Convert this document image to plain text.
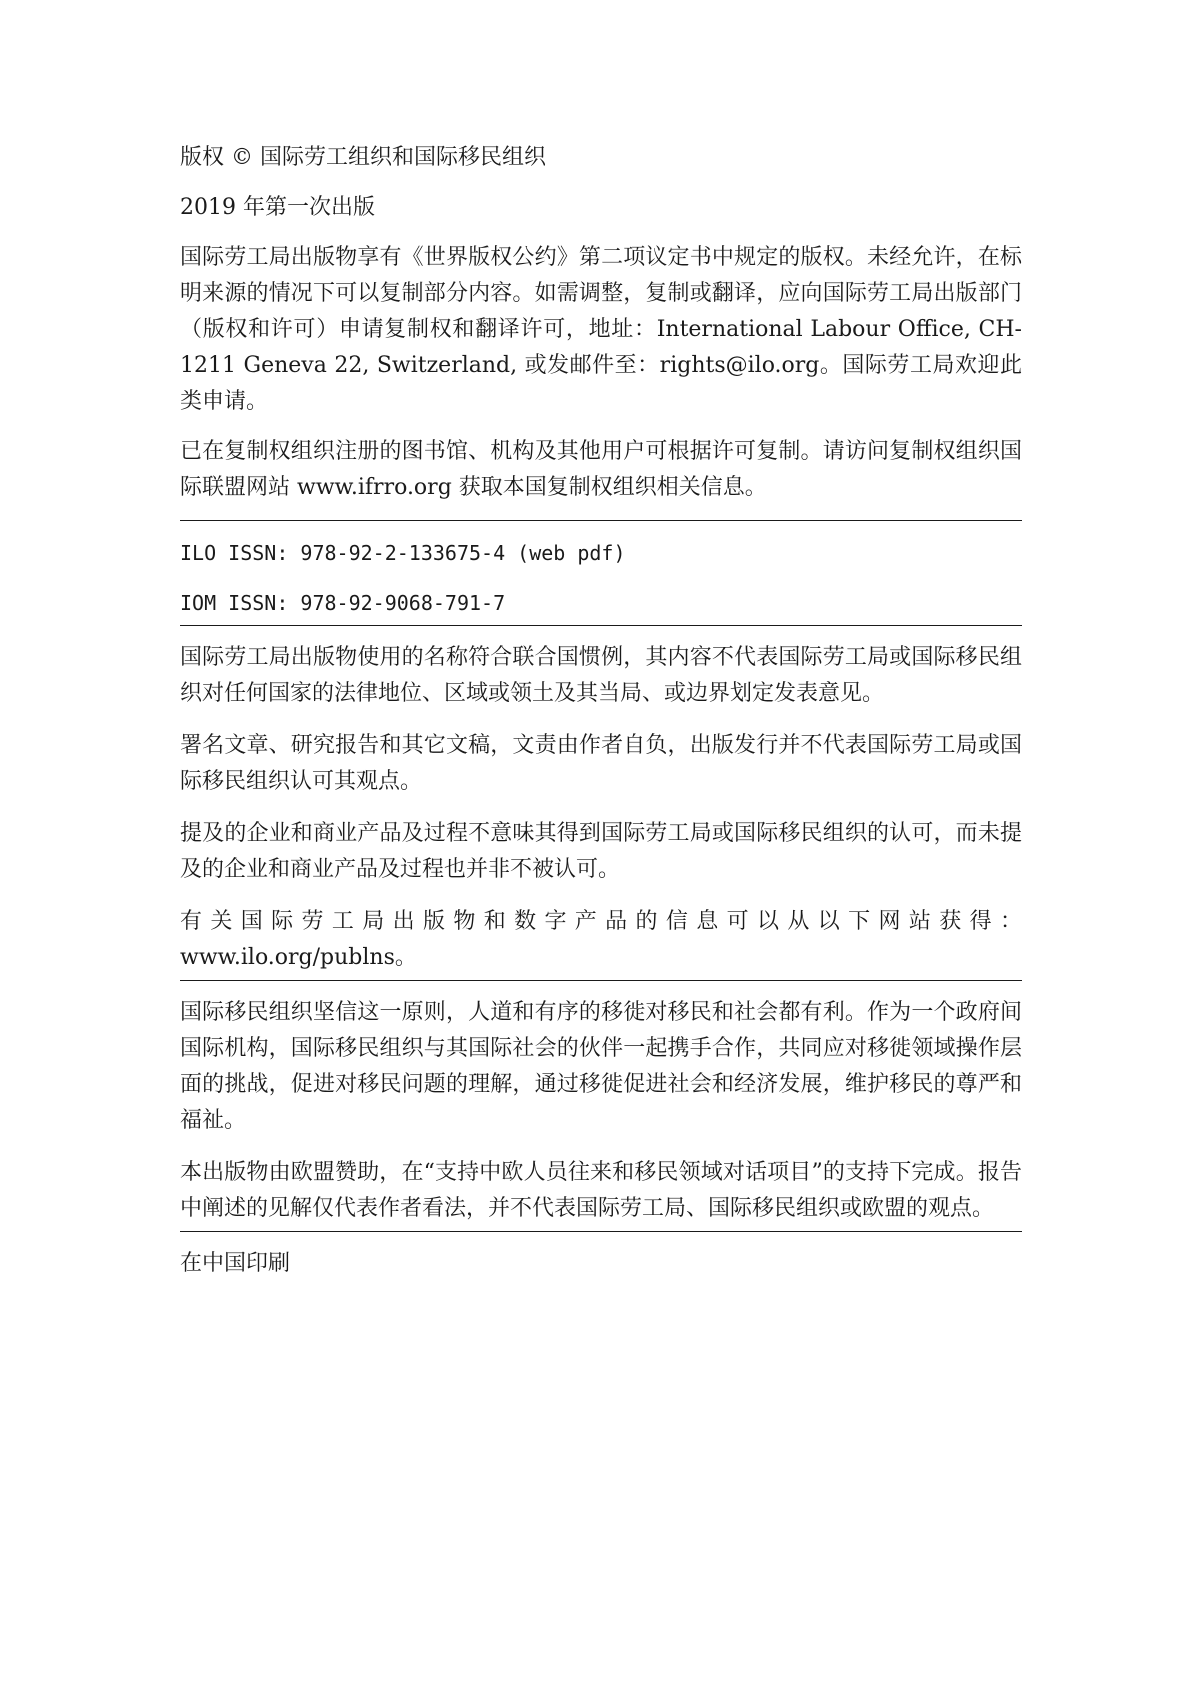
版权 © 国际劳工组织和国际移民组织

2019 年第一次出版

国际劳工局出版物享有《世界版权公约》第二项议定书中规定的版权。未经允许，在标明来源的情况下可以复制部分内容。如需调整，复制或翻译，应向国际劳工局出版部门（版权和许可）申请复制权和翻译许可，地址：International Labour Office, CH-1211 Geneva 22, Switzerland, 或发邮件至：rights@ilo.org。国际劳工局欢迎此类申请。

已在复制权组织注册的图书馆、机构及其他用户可根据许可复制。请访问复制权组织国际联盟网站 www.ifrro.org 获取本国复制权组织相关信息。

ILO ISSN: 978-92-2-133675-4 (web pdf)

IOM ISSN: 978-92-9068-791-7

国际劳工局出版物使用的名称符合联合国惯例，其内容不代表国际劳工局或国际移民组织对任何国家的法律地位、区域或领土及其当局、或边界划定发表意见。

署名文章、研究报告和其它文稿，文责由作者自负，出版发行并不代表国际劳工局或国际移民组织认可其观点。

提及的企业和商业产品及过程不意味其得到国际劳工局或国际移民组织的认可，而未提及的企业和商业产品及过程也并非不被认可。

有关国际劳工局出版物和数字产品的信息可以从以下网站获得：www.ilo.org/publns。

国际移民组织坚信这一原则，人道和有序的移徙对移民和社会都有利。作为一个政府间国际机构，国际移民组织与其国际社会的伙伴一起携手合作，共同应对移徙领域操作层面的挑战，促进对移民问题的理解，通过移徙促进社会和经济发展，维护移民的尊严和福祉。

本出版物由欧盟赞助，在“支持中欧人员往来和移民领域对话项目”的支持下完成。报告中阐述的见解仅代表作者看法，并不代表国际劳工局、国际移民组织或欧盟的观点。

在中国印刷
